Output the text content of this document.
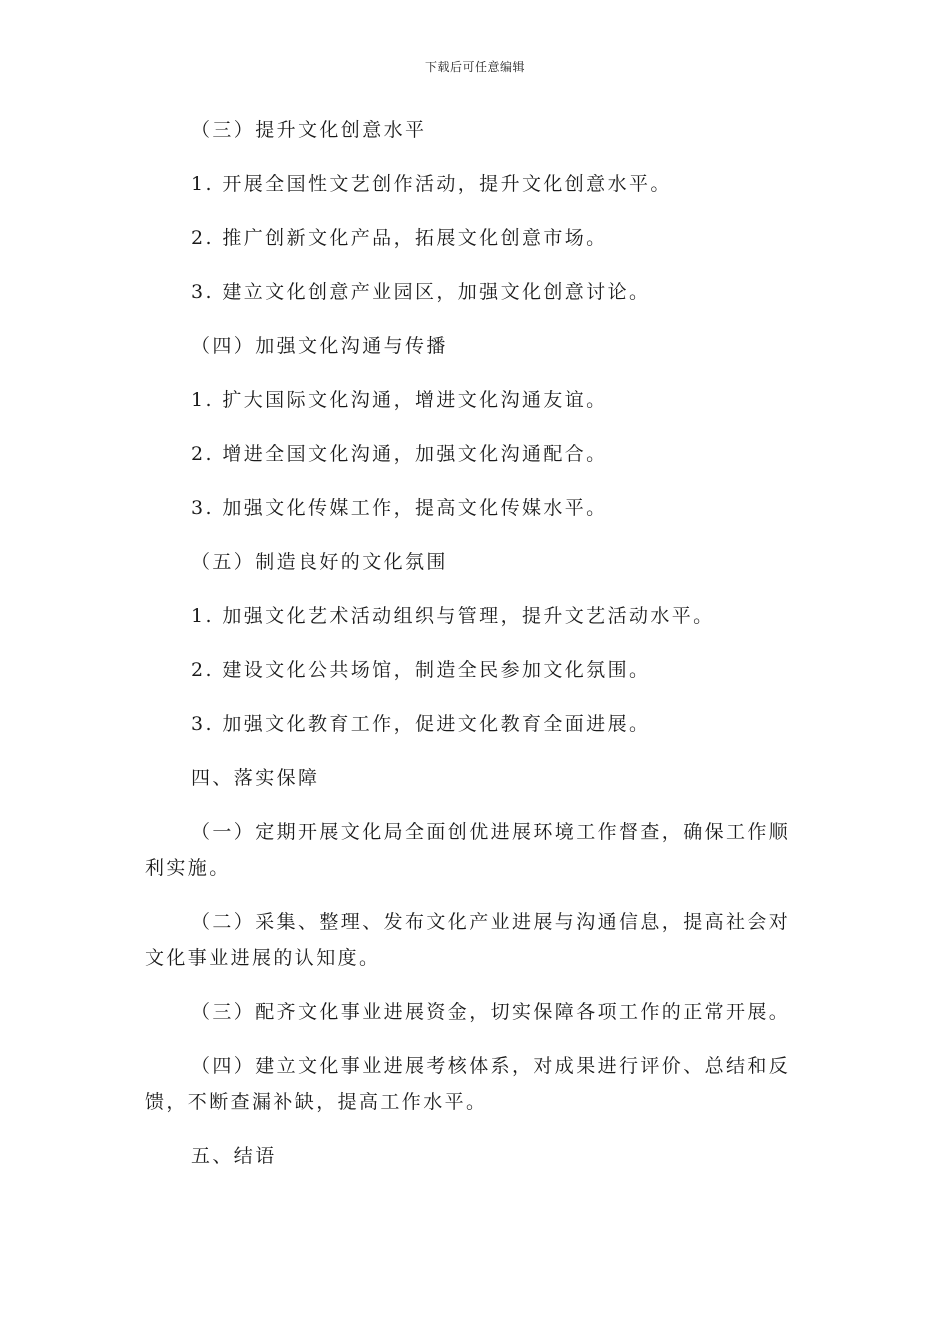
下载后可任意编辑

（三）提升文化创意水平

1. 开展全国性文艺创作活动，提升文化创意水平。

2. 推广创新文化产品，拓展文化创意市场。

3. 建立文化创意产业园区，加强文化创意讨论。

（四）加强文化沟通与传播

1. 扩大国际文化沟通，增进文化沟通友谊。

2. 增进全国文化沟通，加强文化沟通配合。

3. 加强文化传媒工作，提高文化传媒水平。

（五）制造良好的文化氛围

1. 加强文化艺术活动组织与管理，提升文艺活动水平。

2. 建设文化公共场馆，制造全民参加文化氛围。

3. 加强文化教育工作，促进文化教育全面进展。

四、落实保障

（一）定期开展文化局全面创优进展环境工作督查，确保工作顺利实施。

（二）采集、整理、发布文化产业进展与沟通信息，提高社会对文化事业进展的认知度。

（三）配齐文化事业进展资金，切实保障各项工作的正常开展。

（四）建立文化事业进展考核体系，对成果进行评价、总结和反馈，不断查漏补缺，提高工作水平。

五、结语
